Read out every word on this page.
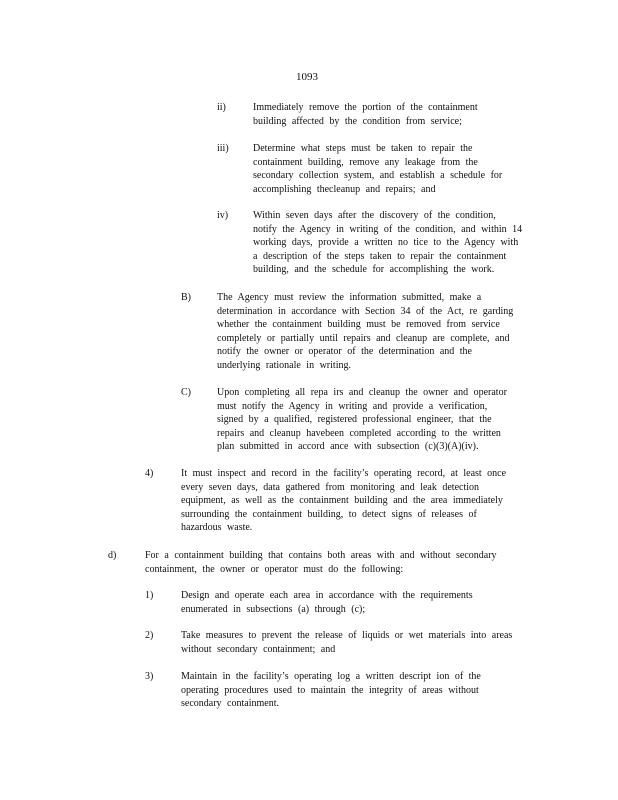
1093
ii)	Immediately remove the portion of the containment
building affected by the condition from service;
iii)	Determine what steps must be taken to repair the
containment building, remove any leakage from the
secondary collection system, and establish a schedule for
accomplishing thecleanup and repairs; and
iv)	Within seven days after the discovery of the condition,
notify the Agency in writing of the condition, and within 14
working days, provide a written no tice to the Agency with
a description of the steps taken to repair the containment
building, and the schedule for accomplishing the work.
B)	The Agency must review the information submitted, make a
determination in accordance with Section 34 of the Act, re garding
whether the containment building must be removed from service
completely or partially until repairs and cleanup are complete, and
notify the owner or operator of the determination and the
underlying rationale in writing.
C)	Upon completing all repa irs and cleanup the owner and operator
must notify the Agency in writing and provide a verification,
signed by a qualified, registered professional engineer, that the
repairs and cleanup havebeen completed according to the written
plan submitted in accord ance with subsection (c)(3)(A)(iv).
4)	It must inspect and record in the facility’s operating record, at least once
every seven days, data gathered from monitoring and leak detection
equipment, as well as the containment building and the area immediately
surrounding the containment building, to detect signs of releases of
hazardous waste.
d)	For a containment building that contains both areas with and without secondary
containment, the owner or operator must do the following:
1)	Design and operate each area in accordance with the requirements
enumerated in subsections (a) through (c);
2)	Take measures to prevent the release of liquids or wet materials into areas
without secondary containment; and
3)	Maintain in the facility’s operating log a written descript ion of the
operating procedures used to maintain the integrity of areas without
secondary containment.
